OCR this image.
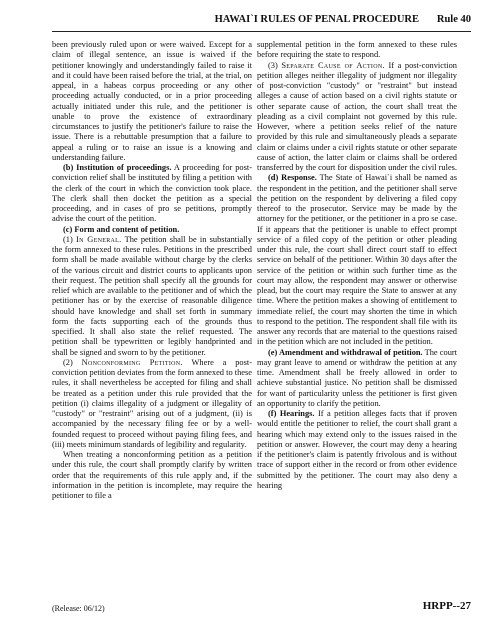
HAWAI`I RULES OF PENAL PROCEDURE Rule 40

been previously ruled upon or were waived. Except for a claim of illegal sentence, an issue is waived if the petitioner knowingly and understandingly failed to raise it and it could have been raised before the trial, at the trial, on appeal, in a habeas corpus proceeding or any other proceeding actually conducted, or in a prior proceeding actually initiated under this rule, and the petitioner is unable to prove the existence of extraordinary circumstances to justify the petitioner's failure to raise the issue. There is a rebuttable presumption that a failure to appeal a ruling or to raise an issue is a knowing and understanding failure.

(b) Institution of proceedings. A proceeding for post-conviction relief shall be instituted by filing a petition with the clerk of the court in which the conviction took place. The clerk shall then docket the petition as a special proceeding, and in cases of pro se petitions, promptly advise the court of the petition.

(c) Form and content of petition.

(1) In General. The petition shall be in substantially the form annexed to these rules. Petitions in the prescribed form shall be made available without charge by the clerks of the various circuit and district courts to applicants upon their request. The petition shall specify all the grounds for relief which are available to the petitioner and of which the petitioner has or by the exercise of reasonable diligence should have knowledge and shall set forth in summary form the facts supporting each of the grounds thus specified. It shall also state the relief requested. The petition shall be typewritten or legibly handprinted and shall be signed and sworn to by the petitioner.

(2) Nonconforming Petition. Where a post-conviction petition deviates from the form annexed to these rules, it shall nevertheless be accepted for filing and shall be treated as a petition under this rule provided that the petition (i) claims illegality of a judgment or illegality of "custody" or "restraint" arising out of a judgment, (ii) is accompanied by the necessary filing fee or by a well-founded request to proceed without paying filing fees, and (iii) meets minimum standards of legibility and regularity.

When treating a nonconforming petition as a petition under this rule, the court shall promptly clarify by written order that the requirements of this rule apply and, if the information in the petition is incomplete, may require the petitioner to file a

supplemental petition in the form annexed to these rules before requiring the state to respond.

(3) Separate Cause of Action. If a post-conviction petition alleges neither illegality of judgment nor illegality of post-conviction "custody" or "restraint" but instead alleges a cause of action based on a civil rights statute or other separate cause of action, the court shall treat the pleading as a civil complaint not governed by this rule. However, where a petition seeks relief of the nature provided by this rule and simultaneously pleads a separate claim or claims under a civil rights statute or other separate cause of action, the latter claim or claims shall be ordered transferred by the court for disposition under the civil rules.

(d) Response. The State of Hawai`i shall be named as the respondent in the petition, and the petitioner shall serve the petition on the respondent by delivering a filed copy thereof to the prosecutor. Service may be made by the attorney for the petitioner, or the petitioner in a pro se case. If it appears that the petitioner is unable to effect prompt service of a filed copy of the petition or other pleading under this rule, the court shall direct court staff to effect service on behalf of the petitioner. Within 30 days after the service of the petition or within such further time as the court may allow, the respondent may answer or otherwise plead, but the court may require the State to answer at any time. Where the petition makes a showing of entitlement to immediate relief, the court may shorten the time in which to respond to the petition. The respondent shall file with its answer any records that are material to the questions raised in the petition which are not included in the petition.

(e) Amendment and withdrawal of petition. The court may grant leave to amend or withdraw the petition at any time. Amendment shall be freely allowed in order to achieve substantial justice. No petition shall be dismissed for want of particularity unless the petitioner is first given an opportunity to clarify the petition.

(f) Hearings. If a petition alleges facts that if proven would entitle the petitioner to relief, the court shall grant a hearing which may extend only to the issues raised in the petition or answer. However, the court may deny a hearing if the petitioner's claim is patently frivolous and is without trace of support either in the record or from other evidence submitted by the petitioner. The court may also deny a hearing

(Release: 06/12)	HRPP--27
